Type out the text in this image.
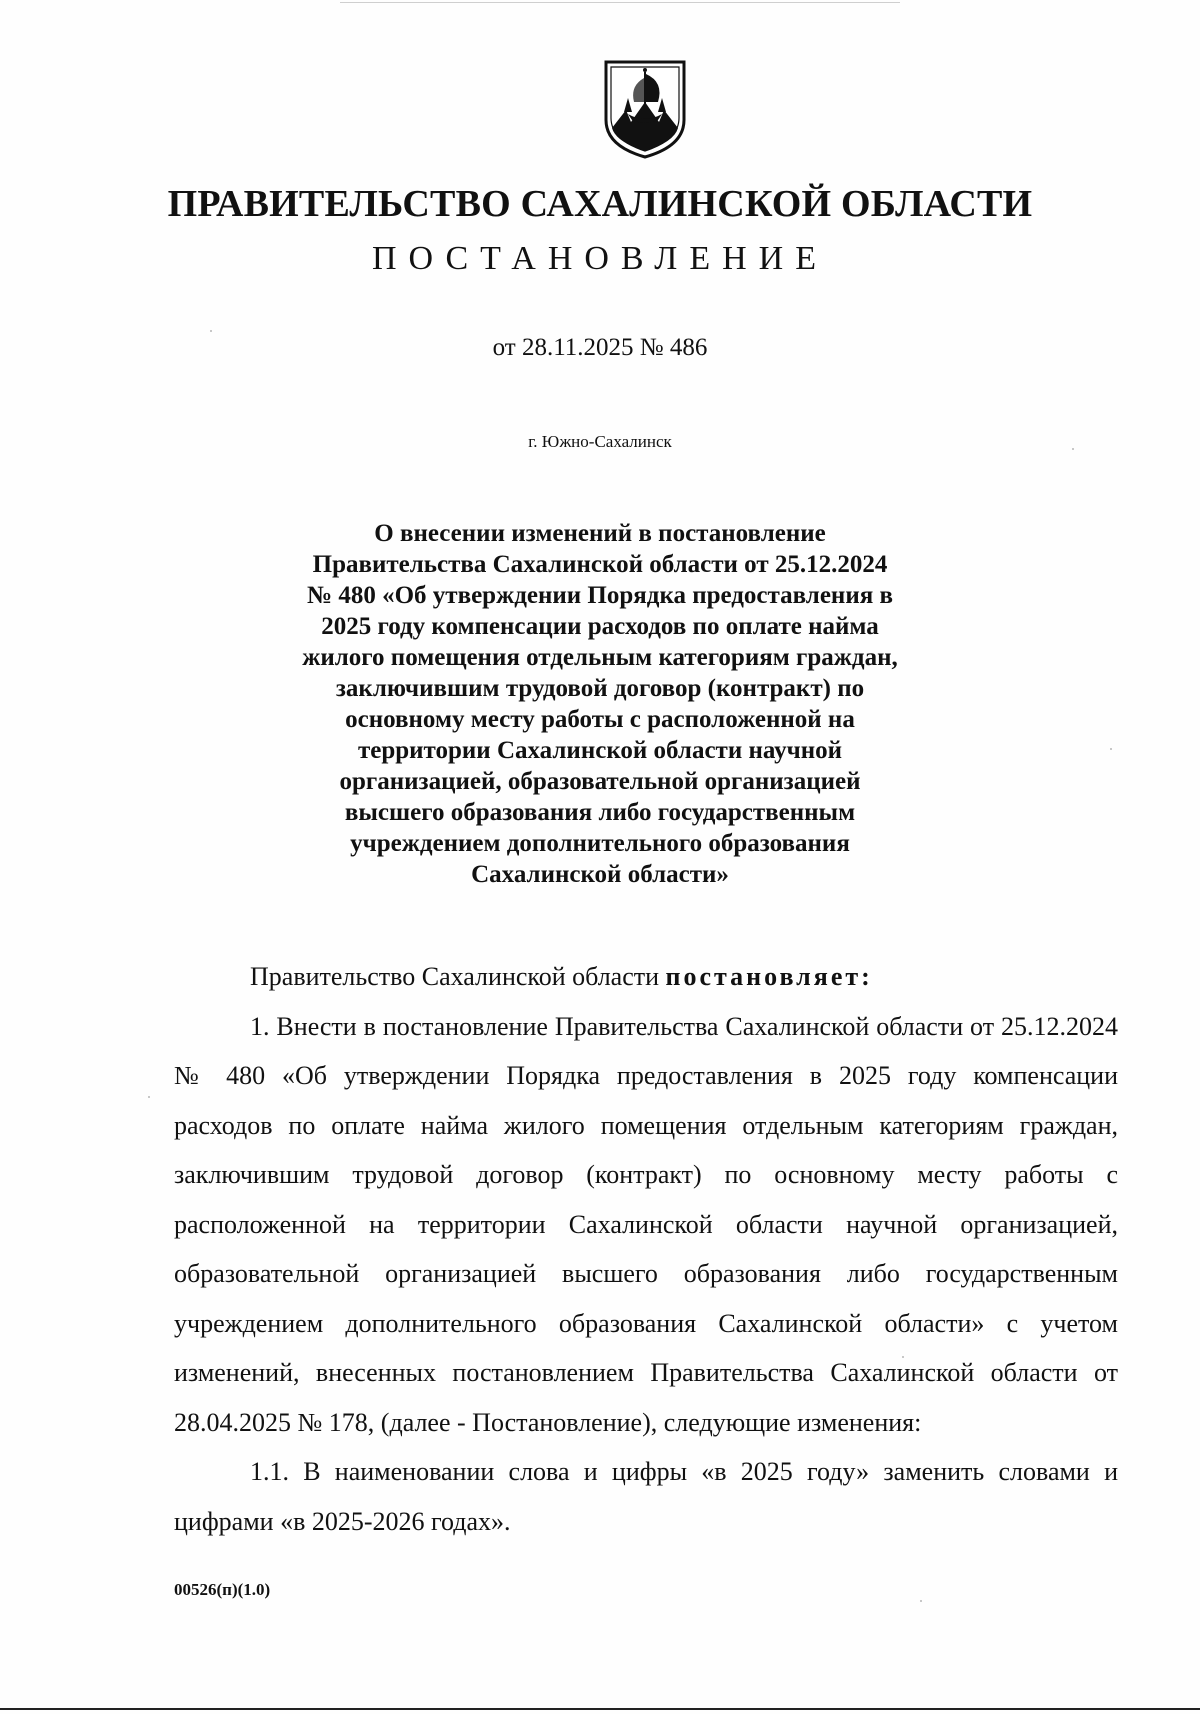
ПРАВИТЕЛЬСТВО САХАЛИНСКОЙ ОБЛАСТИ
ПОСТАНОВЛЕНИЕ
от 28.11.2025 № 486
г. Южно-Сахалинск
О внесении изменений в постановление
Правительства Сахалинской области от 25.12.2024
№ 480 «Об утверждении Порядка предоставления в
2025 году компенсации расходов по оплате найма
жилого помещения отдельным категориям граждан,
заключившим трудовой договор (контракт) по
основному месту работы с расположенной на
территории Сахалинской области научной
организацией, образовательной организацией
высшего образования либо государственным
учреждением дополнительного образования
Сахалинской области»

Правительство Сахалинской области постановляет:

1. Внести в постановление Правительства Сахалинской области от 25.12.2024 № 480 «Об утверждении Порядка предоставления в 2025 году компенсации расходов по оплате найма жилого помещения отдельным категориям граждан, заключившим трудовой договор (контракт) по основному месту работы с расположенной на территории Сахалинской области научной организацией, образовательной организацией высшего образования либо государственным учреждением дополнительного образования Сахалинской области» с учетом изменений, внесенных постановлением Правительства Сахалинской области от 28.04.2025 № 178, (далее - Постановление), следующие изменения:

1.1. В наименовании слова и цифры «в 2025 году» заменить словами и цифрами «в 2025-2026 годах».

00526(п)(1.0)
